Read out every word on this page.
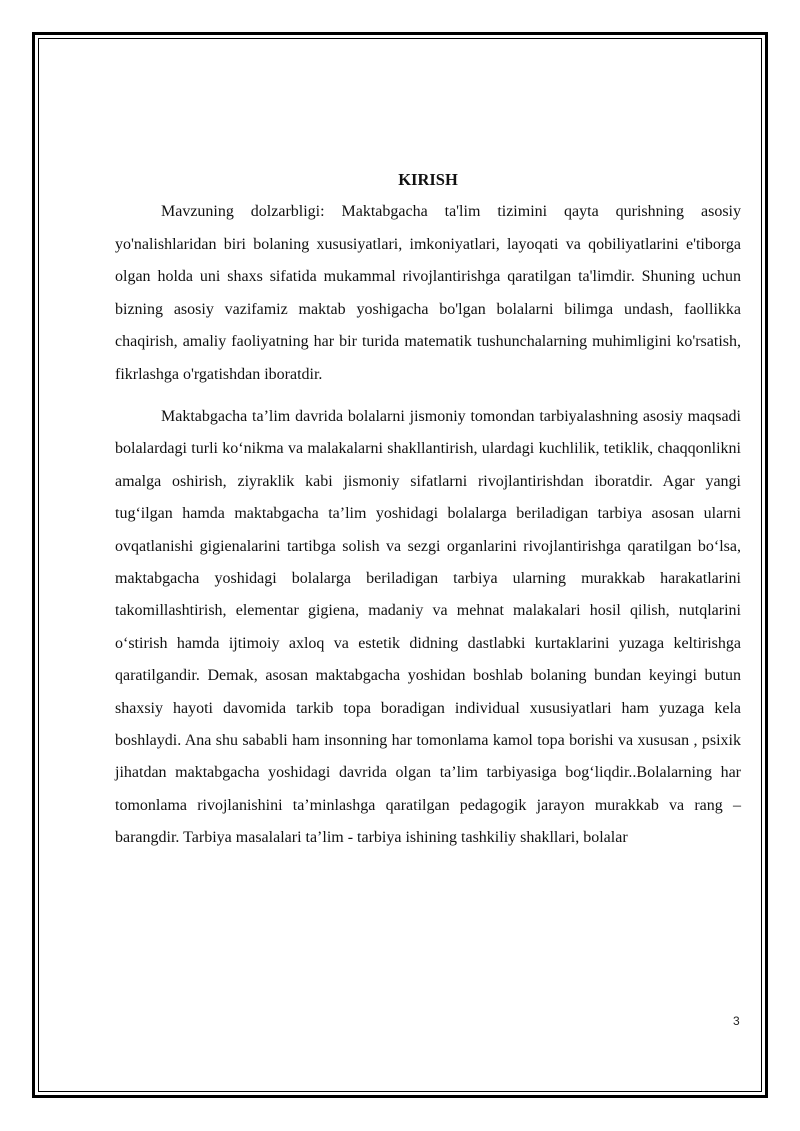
KIRISH

Mavzuning dolzarbligi: Maktabgacha ta'lim tizimini qayta qurishning asosiy yo'nalishlaridan biri bolaning xususiyatlari, imkoniyatlari, layoqati va qobiliyatlarini e'tiborga olgan holda uni shaxs sifatida mukammal rivojlantirishga qaratilgan ta'limdir. Shuning uchun bizning asosiy vazifamiz maktab yoshigacha bo'lgan bolalarni bilimga undash, faollikka chaqirish, amaliy faoliyatning har bir turida matematik tushunchalarning muhimligini ko'rsatish, fikrlashga o'rgatishdan iboratdir.

Maktabgacha ta’lim davrida bolalarni jismoniy tomondan tarbiyalashning asosiy maqsadi bolalardagi turli ko‘nikma va malakalarni shakllantirish, ulardagi kuchlilik, tetiklik, chaqqonlikni amalga oshirish, ziyraklik kabi jismoniy sifatlarni rivojlantirishdan iboratdir. Agar yangi tug‘ilgan hamda maktabgacha ta’lim yoshidagi bolalarga beriladigan tarbiya asosan ularni ovqatlanishi gigienalarini tartibga solish va sezgi organlarini rivojlantirishga qaratilgan bo‘lsa, maktabgacha yoshidagi bolalarga beriladigan tarbiya ularning murakkab harakatlarini takomillashtirish, elementar gigiena, madaniy va mehnat malakalari hosil qilish, nutqlarini o‘stirish hamda ijtimoiy axloq va estetik didning dastlabki kurtaklarini yuzaga keltirishga qaratilgandir. Demak, asosan maktabgacha yoshidan boshlab bolaning bundan keyingi butun shaxsiy hayoti davomida tarkib topa boradigan individual xususiyatlari ham yuzaga kela boshlaydi. Ana shu sababli ham insonning har tomonlama kamol topa borishi va xususan , psixik jihatdan maktabgacha yoshidagi davrida olgan ta’lim tarbiyasiga bog‘liqdir..Bolalarning har tomonlama rivojlanishini ta’minlashga qaratilgan pedagogik jarayon murakkab va rang – barangdir. Tarbiya masalalari ta’lim - tarbiya ishining tashkiliy shakllari, bolalar

3
